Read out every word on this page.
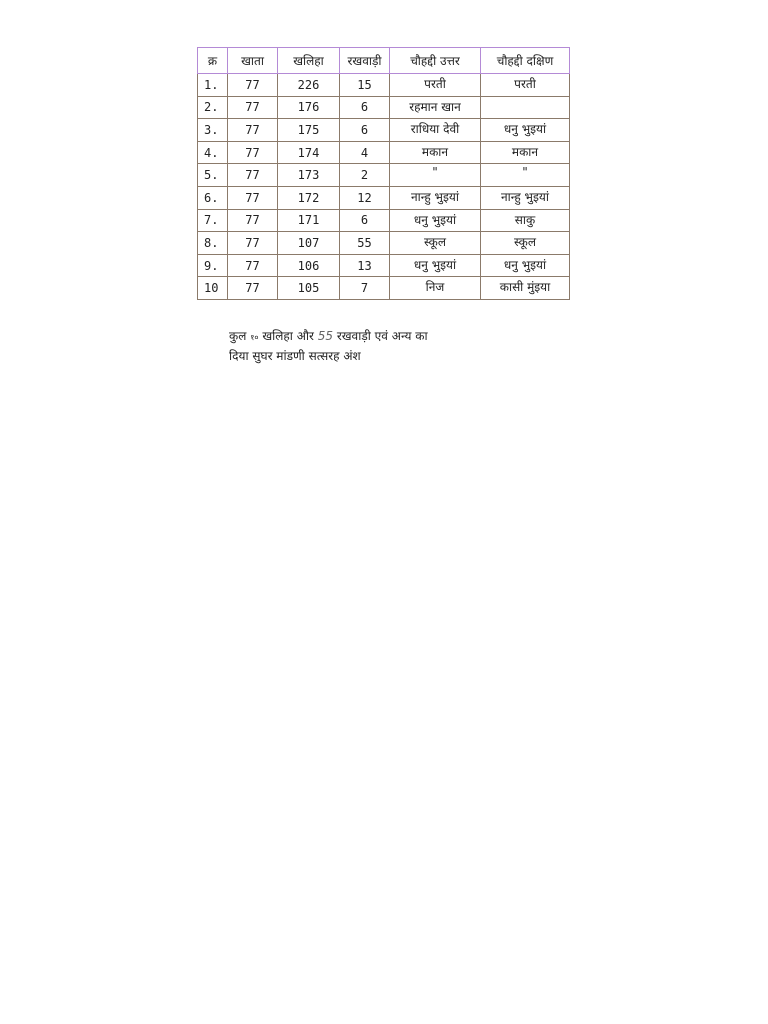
क्र	खाता	खलिहा	रखवाड़ी	चौहद्दी उत्तर	चौहद्दी दक्षिण
1.	77	226	15	परती	परती
2.	77	176	6	रहमान खान	
3.	77	175	6	राधिया देवी	धनु भुइयां
4.	77	174	4	मकान	मकान
5.	77	173	2	"	"
6.	77	172	12	नान्हु भुइयां	नान्हु भुइयां
7.	77	171	6	धनु भुइयां	साकु
8.	77	107	55	स्कूल	स्कूल
9.	77	106	13	धनु भुइयां	धनु भुइयां
10	77	105	7	निज	कासी मुंइया
कुल १० खलिहा और 55 रखवाड़ी एवं अन्य का
दिया सुघर मांडणी सत्सरह अंश
